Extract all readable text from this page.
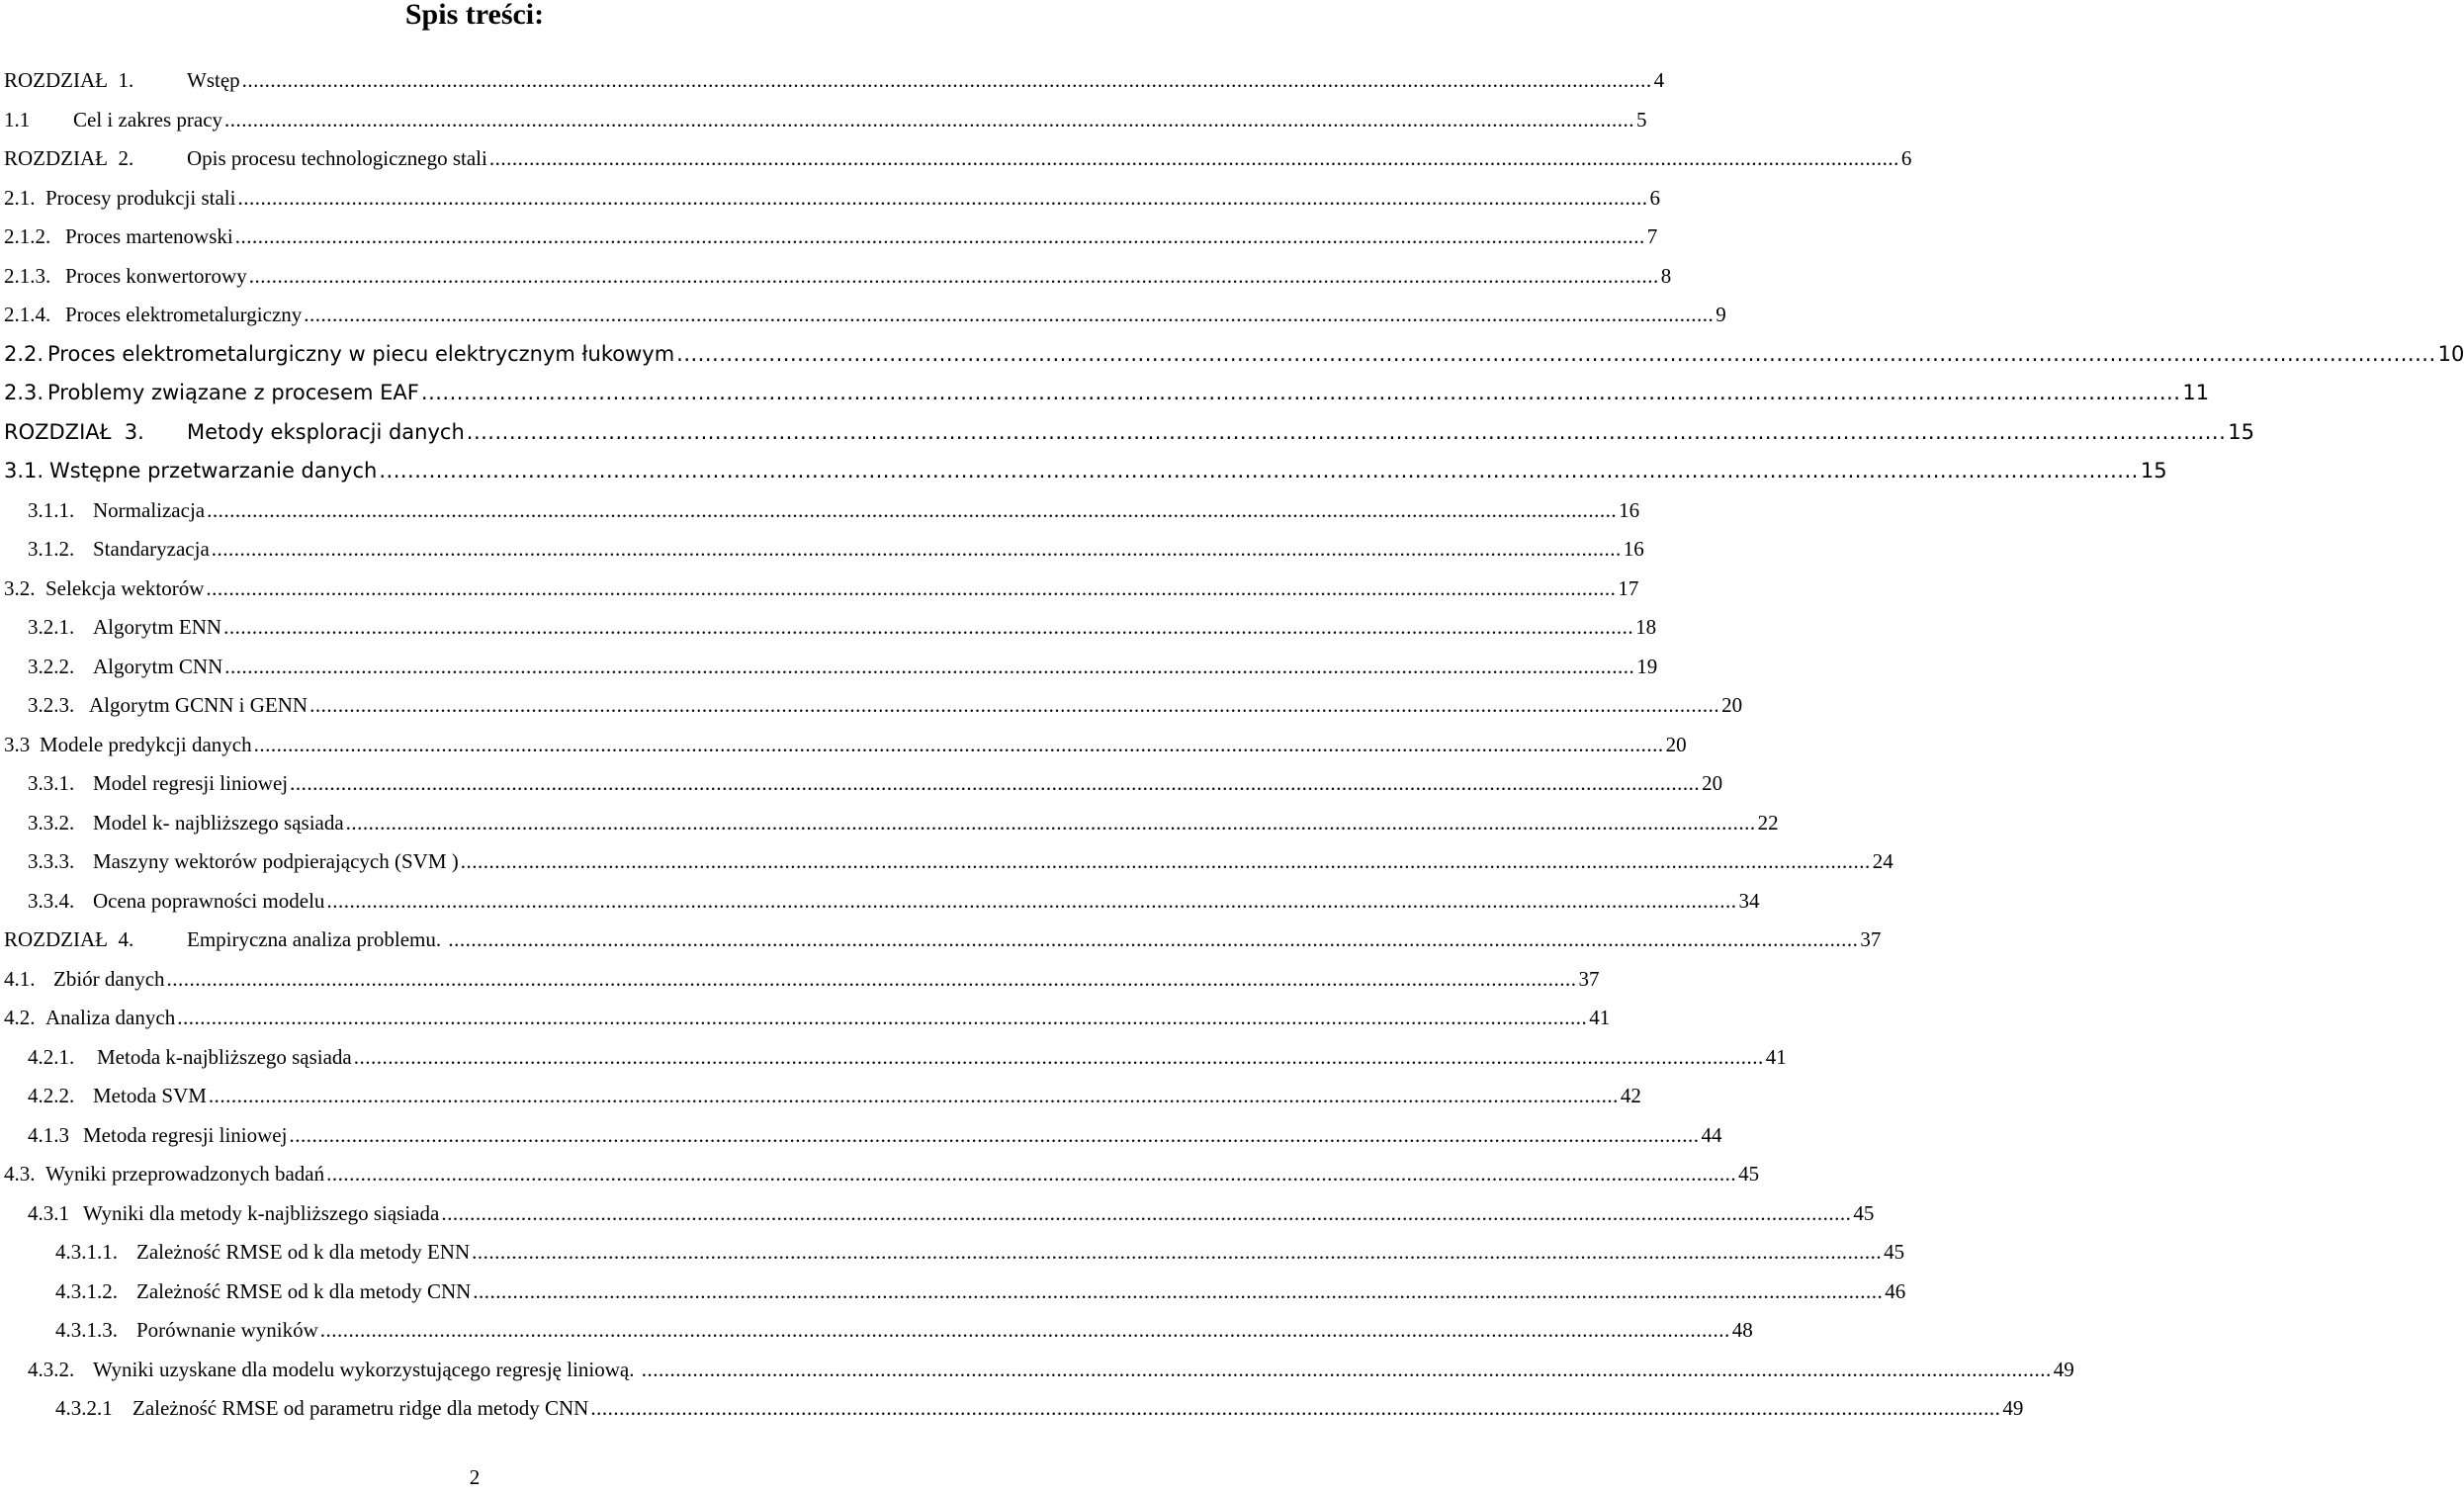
Spis treści:
ROZDZIAŁ  1.	Wstęp .....	4
1.1	Cel i zakres pracy .....	5
ROZDZIAŁ  2.	Opis procesu technologicznego stali .....	6
2.1. Procesy produkcji stali .....	6
2.1.2. Proces martenowski .....	7
2.1.3. Proces konwertorowy .....	8
2.1.4. Proces elektrometalurgiczny .....	9
2.2. Proces elektrometalurgiczny w piecu elektrycznym łukowym .....	10
2.3. Problemy związane z procesem EAF .....	11
ROZDZIAŁ  3.	Metody eksploracji danych .....	15
3.1. Wstępne przetwarzanie danych .....	15
3.1.1. Normalizacja .....	16
3.1.2. Standaryzacja .....	16
3.2. Selekcja wektorów .....	17
3.2.1. Algorytm ENN .....	18
3.2.2. Algorytm CNN .....	19
3.2.3. Algorytm GCNN i GENN .....	20
3.3 Modele predykcji danych .....	20
3.3.1. Model regresji liniowej .....	20
3.3.2. Model k- najbliższego sąsiada .....	22
3.3.3. Maszyny wektorów podpierających (SVM ) .....	24
3.3.4. Ocena poprawności modelu .....	34
ROZDZIAŁ  4.	Empiryczna analiza problemu. .....	37
4.1. Zbiór danych .....	37
4.2. Analiza danych .....	41
4.2.1.	Metoda k-najbliższego sąsiada .....	41
4.2.2. Metoda SVM .....	42
4.1.3 Metoda regresji liniowej .....	44
4.3. Wyniki przeprowadzonych badań .....	45
4.3.1 Wyniki dla metody k-najbliższego siąsiada .....	45
4.3.1.1. Zależność RMSE od k dla metody ENN .....	45
4.3.1.2. Zależność RMSE od k dla metody CNN .....	46
4.3.1.3. Porównanie wyników .....	48
4.3.2. Wyniki uzyskane dla modelu wykorzystującego regresję liniową. .....	49
4.3.2.1 Zależność RMSE od parametru ridge dla metody CNN .....	49
2
